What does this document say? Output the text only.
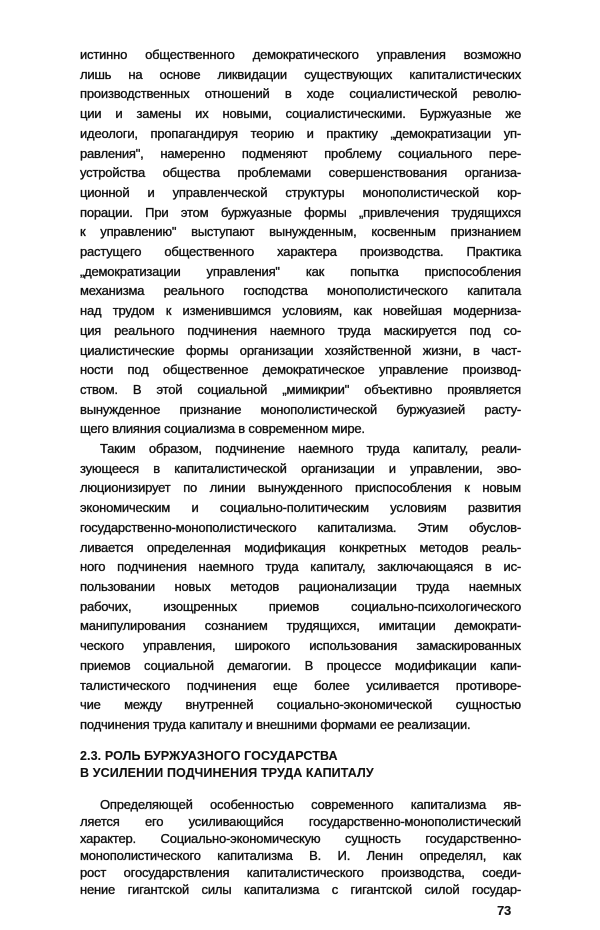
истинно общественного демократического управления возможно
лишь на основе ликвидации существующих капиталистических
производственных отношений в ходе социалистической револю-
ции и замены их новыми, социалистическими. Буржуазные же
идеологи, пропагандируя теорию и практику „демократизации уп-
равления", намеренно подменяют проблему социального пере-
устройства общества проблемами совершенствования организа-
ционной и управленческой структуры монополистической кор-
порации. При этом буржуазные формы „привлечения трудящихся
к управлению" выступают вынужденным, косвенным признанием
растущего общественного характера производства. Практика
„демократизации управления" как попытка приспособления
механизма реального господства монополистического капитала
над трудом к изменившимся условиям, как новейшая модерниза-
ция реального подчинения наемного труда маскируется под со-
циалистические формы организации хозяйственной жизни, в част-
ности под общественное демократическое управление производ-
ством. В этой социальной „мимикрии" объективно проявляется
вынужденное признание монополистической буржуазией расту-
щего влияния социализма в современном мире.
Таким образом, подчинение наемного труда капиталу, реали-
зующееся в капиталистической организации и управлении, эво-
люционизирует по линии вынужденного приспособления к новым
экономическим и социально-политическим условиям развития
государственно-монополистического капитализма. Этим обуслов-
ливается определенная модификация конкретных методов реаль-
ного подчинения наемного труда капиталу, заключающаяся в ис-
пользовании новых методов рационализации труда наемных
рабочих, изощренных приемов социально-психологического
манипулирования сознанием трудящихся, имитации демократи-
ческого управления, широкого использования замаскированных
приемов социальной демагогии. В процессе модификации капи-
талистического подчинения еще более усиливается противоре-
чие между внутренней социально-экономической сущностью
подчинения труда капиталу и внешними формами ее реализации.
2.3. РОЛЬ БУРЖУАЗНОГО ГОСУДАРСТВА
В УСИЛЕНИИ ПОДЧИНЕНИЯ ТРУДА КАПИТАЛУ
Определяющей особенностью современного капитализма яв-
ляется его усиливающийся государственно-монополистический
характер. Социально-экономическую сущность государственно-
монополистического капитализма В. И. Ленин определял, как
рост огосударствления капиталистического производства, соеди-
нение гигантской силы капитализма с гигантской силой государ-
73
